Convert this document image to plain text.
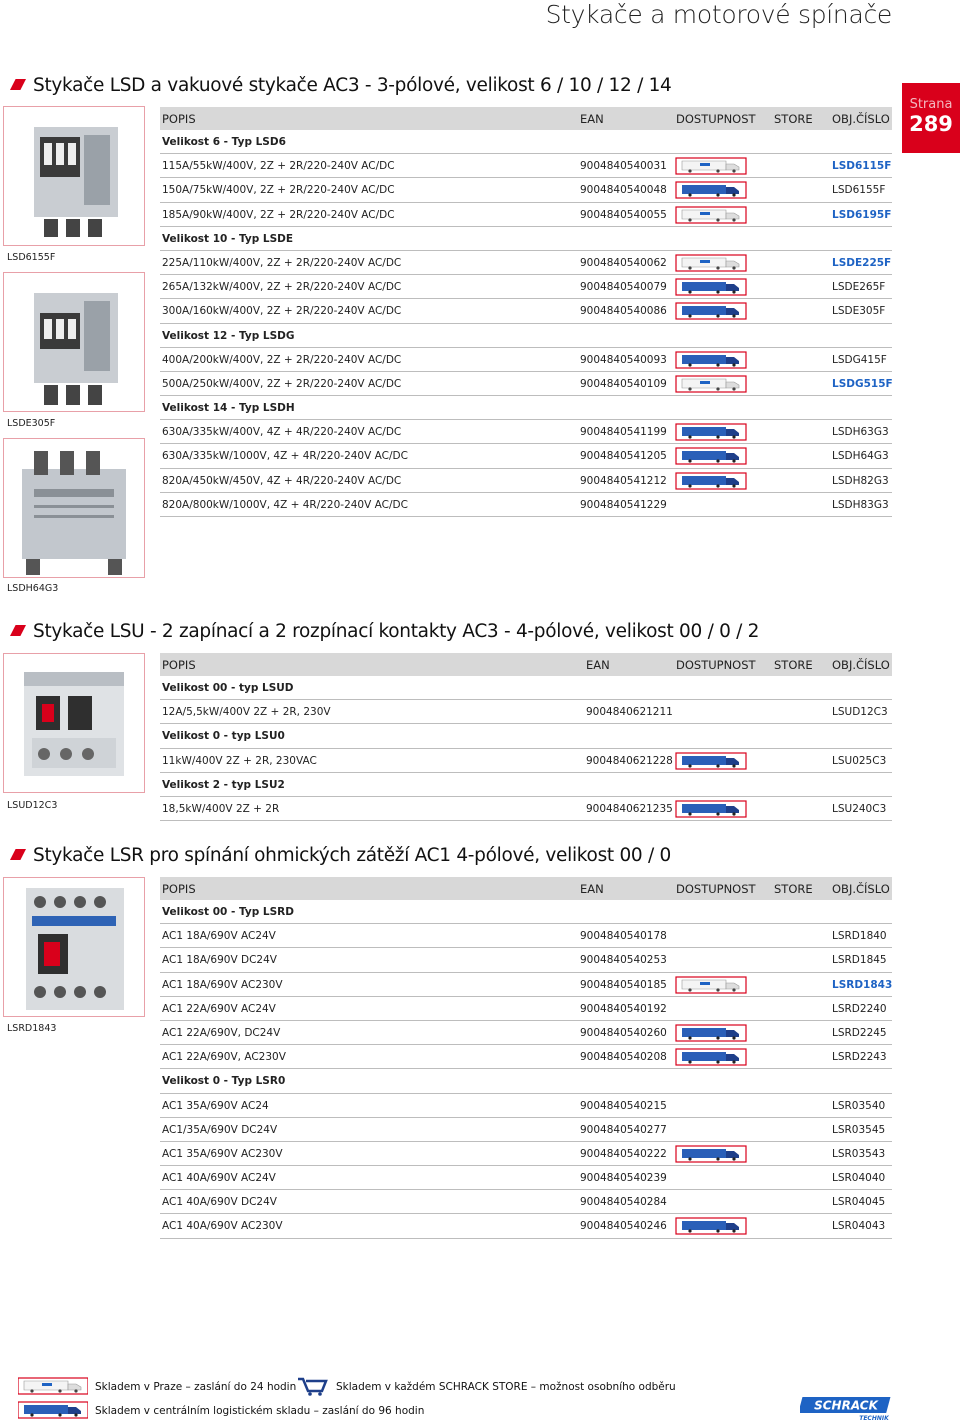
Stykače a motorové spínače
Strana
289
Stykače LSD a vakuové stykače AC3 - 3-pólové, velikost 6 / 10 / 12 / 14
LSD6155F
LSDE305F
LSDH64G3
POPIS	EAN	DOSTUPNOST STORE OBJ.ČÍSLO
Velikost 6 - Typ LSD6
115A/55kW/400V, 2Z + 2R/220-240V AC/DC	9004840540031	LSD6115F
150A/75kW/400V, 2Z + 2R/220-240V AC/DC	9004840540048	LSD6155F
185A/90kW/400V, 2Z + 2R/220-240V AC/DC	9004840540055	LSD6195F
Velikost 10 - Typ LSDE
225A/110kW/400V, 2Z + 2R/220-240V AC/DC	9004840540062	LSDE225F
265A/132kW/400V, 2Z + 2R/220-240V AC/DC	9004840540079	LSDE265F
300A/160kW/400V, 2Z + 2R/220-240V AC/DC	9004840540086	LSDE305F
Velikost 12 - Typ LSDG
400A/200kW/400V, 2Z + 2R/220-240V AC/DC	9004840540093	LSDG415F
500A/250kW/400V, 2Z + 2R/220-240V AC/DC	9004840540109	LSDG515F
Velikost 14 - Typ LSDH
630A/335kW/400V, 4Z + 4R/220-240V AC/DC	9004840541199	LSDH63G3
630A/335kW/1000V, 4Z + 4R/220-240V AC/DC	9004840541205	LSDH64G3
820A/450kW/450V, 4Z + 4R/220-240V AC/DC	9004840541212	LSDH82G3
820A/800kW/1000V, 4Z + 4R/220-240V AC/DC	9004840541229	LSDH83G3
Stykače LSU - 2 zapínací a 2 rozpínací kontakty AC3 - 4-pólové, velikost 00 / 0 / 2
LSUD12C3
POPIS	EAN	DOSTUPNOST STORE OBJ.ČÍSLO
Velikost 00 - typ LSUD
12A/5,5kW/400V 2Z + 2R, 230V	9004840621211	LSUD12C3
Velikost 0 - typ LSU0
11kW/400V 2Z + 2R, 230VAC	9004840621228	LSU025C3
Velikost 2 - typ LSU2
18,5kW/400V 2Z + 2R	9004840621235	LSU240C3
Stykače LSR pro spínání ohmických zátěží AC1 4-pólové, velikost 00 / 0
LSRD1843
POPIS	EAN	DOSTUPNOST STORE OBJ.ČÍSLO
Velikost 00 - Typ LSRD
AC1 18A/690V AC24V	9004840540178	LSRD1840
AC1 18A/690V DC24V	9004840540253	LSRD1845
AC1 18A/690V AC230V	9004840540185	LSRD1843
AC1 22A/690V AC24V	9004840540192	LSRD2240
AC1 22A/690V, DC24V	9004840540260	LSRD2245
AC1 22A/690V, AC230V	9004840540208	LSRD2243
Velikost 0 - Typ LSR0
AC1 35A/690V AC24	9004840540215	LSR03540
AC1/35A/690V DC24V	9004840540277	LSR03545
AC1 35A/690V AC230V	9004840540222	LSR03543
AC1 40A/690V AC24V	9004840540239	LSR04040
AC1 40A/690V DC24V	9004840540284	LSR04045
AC1 40A/690V AC230V	9004840540246	LSR04043
Skladem v Praze – zaslání do 24 hodin	Skladem v každém SCHRACK STORE – možnost osobního odběru
Skladem v centrálním logistickém skladu – zaslání do 96 hodin	SCHRACK
TECHNIK
